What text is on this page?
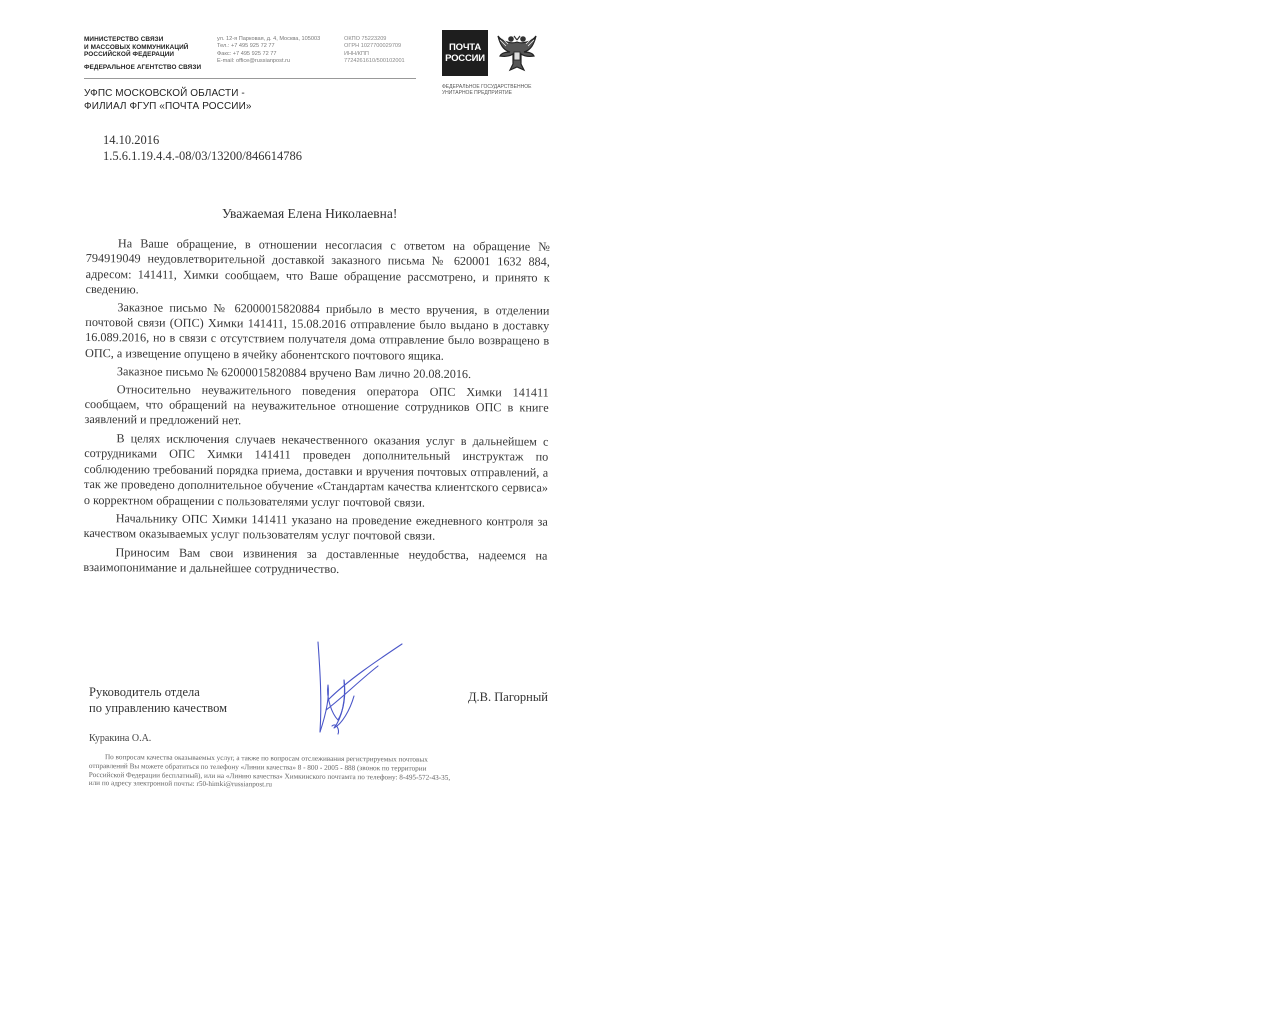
МИНИСТЕРСТВО СВЯЗИ
И МАССОВЫХ КОММУНИКАЦИЙ
РОССИЙСКОЙ ФЕДЕРАЦИИ
ФЕДЕРАЛЬНОЕ АГЕНТСТВО СВЯЗИ
ул. 12-я Парковая, д. 4, Москва, 105003
Тел.: +7 495 925 72 77
Факс: +7 495 925 72 77
E-mail: office@russianpost.ru
ОКПО 75223209
ОГРН 1027700029709
ИНН/КПП
7724261610/500102001
ПОЧТА
РОССИИ
ФЕДЕРАЛЬНОЕ ГОСУДАРСТВЕННОЕ
УНИТАРНОЕ ПРЕДПРИЯТИЕ
УФПС МОСКОВСКОЙ ОБЛАСТИ -
ФИЛИАЛ ФГУП «ПОЧТА РОССИИ»
14.10.2016
1.5.6.1.19.4.4.-08/03/13200/846614786
Уважаемая Елена Николаевна!

На Ваше обращение, в отношении несогласия с ответом на обращение № 794919049 неудовлетворительной доставкой заказного письма № 620001 1632 884, адресом: 141411, Химки сообщаем, что Ваше обращение рассмотрено, и принято к сведению.

Заказное письмо № 62000015820884 прибыло в место вручения, в отделении почтовой связи (ОПС) Химки 141411, 15.08.2016 отправление было выдано в доставку 16.089.2016, но в связи с отсутствием получателя дома отправление было возвращено в ОПС, а извещение опущено в ячейку абонентского почтового ящика.

Заказное письмо № 62000015820884 вручено Вам лично 20.08.2016.

Относительно неуважительного поведения оператора ОПС Химки 141411 сообщаем, что обращений на неуважительное отношение сотрудников ОПС в книге заявлений и предложений нет.

В целях исключения случаев некачественного оказания услуг в дальнейшем с сотрудниками ОПС Химки 141411 проведен дополнительный инструктаж по соблюдению требований порядка приема, доставки и вручения почтовых отправлений, а так же проведено дополнительное обучение «Стандартам качества клиентского сервиса» о корректном обращении с пользователями услуг почтовой связи.

Начальнику ОПС Химки 141411 указано на проведение ежедневного контроля за качеством оказываемых услуг пользователям услуг почтовой связи.

Приносим Вам свои извинения за доставленные неудобства, надеемся на взаимопонимание и дальнейшее сотрудничество.

Руководитель отдела
по управлению качеством
Д.В. Пагорный
Куракина О.А.
По вопросам качества оказываемых услуг, а также по вопросам отслеживания регистрируемых почтовых
отправлений Вы можете обратиться по телефону «Линии качества» 8 - 800 - 2005 - 888 (звонок по территории
Российской Федерации бесплатный), или на «Линию качества» Химкинского почтамта по телефону: 8-495-572-43-35,
или по адресу электронной почты: r50-himki@russianpost.ru
